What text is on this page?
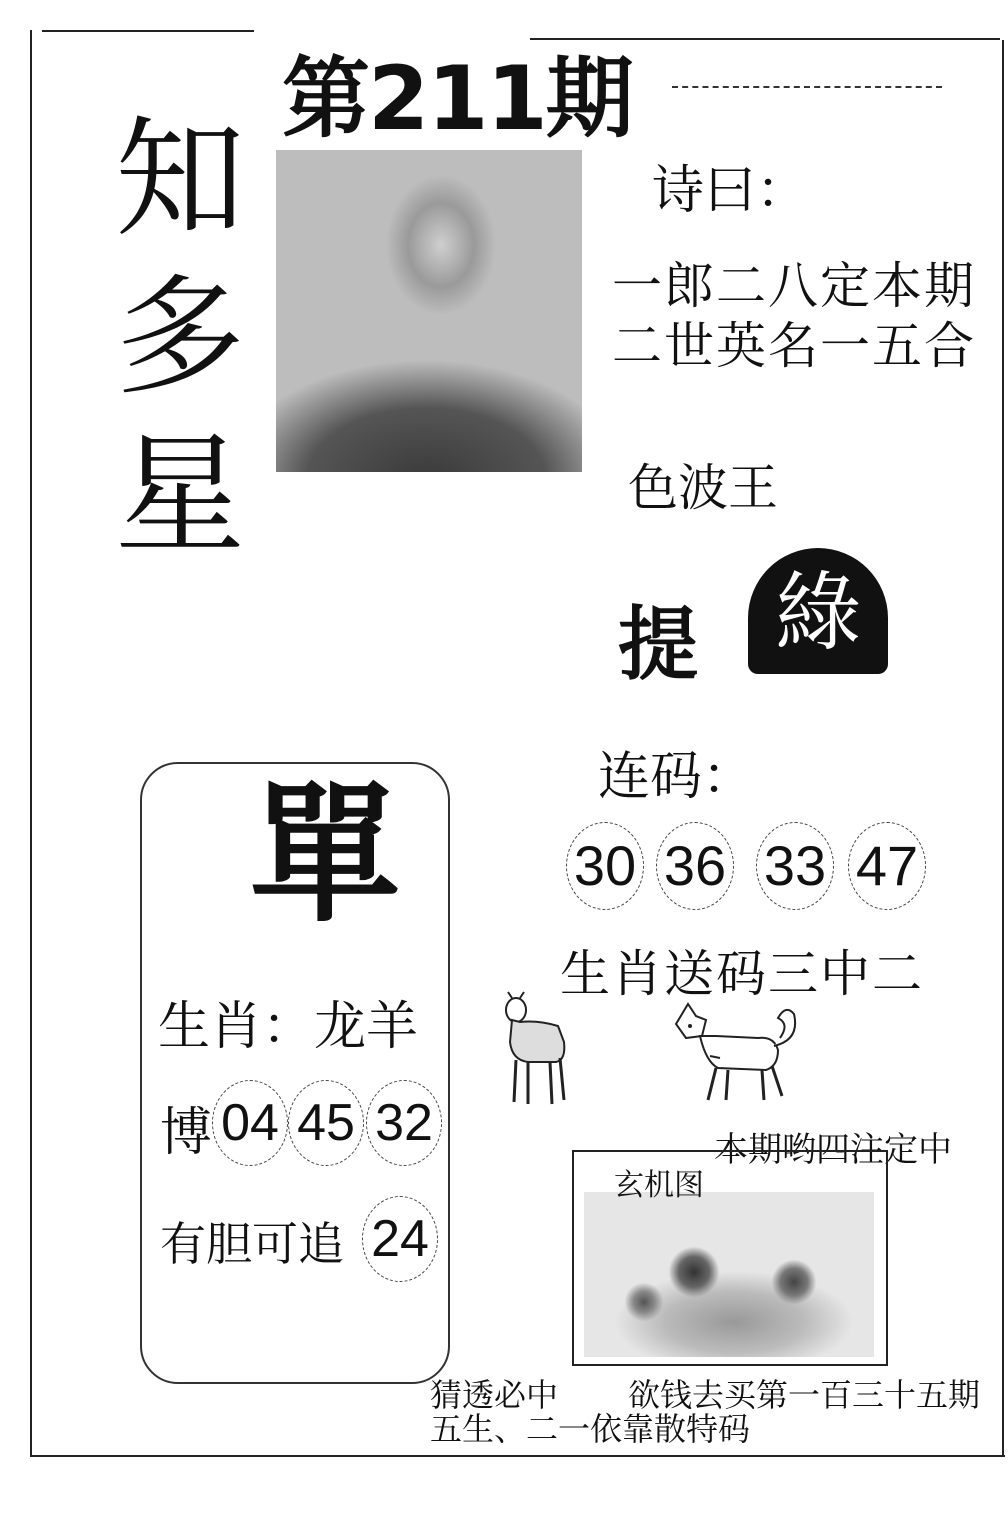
第211期
知
多
星
诗曰：
一郎二八定本期
二世英名一五合
色波王
提 綠
连码：
30 36 33 47
生肖送码三中二
單
生肖：龙羊
博 04 45 32
有胆可追 24
本期哟四注定中
玄机图
猜透必中 欲钱去买第一百三十五期
五生、二一依靠散特码
